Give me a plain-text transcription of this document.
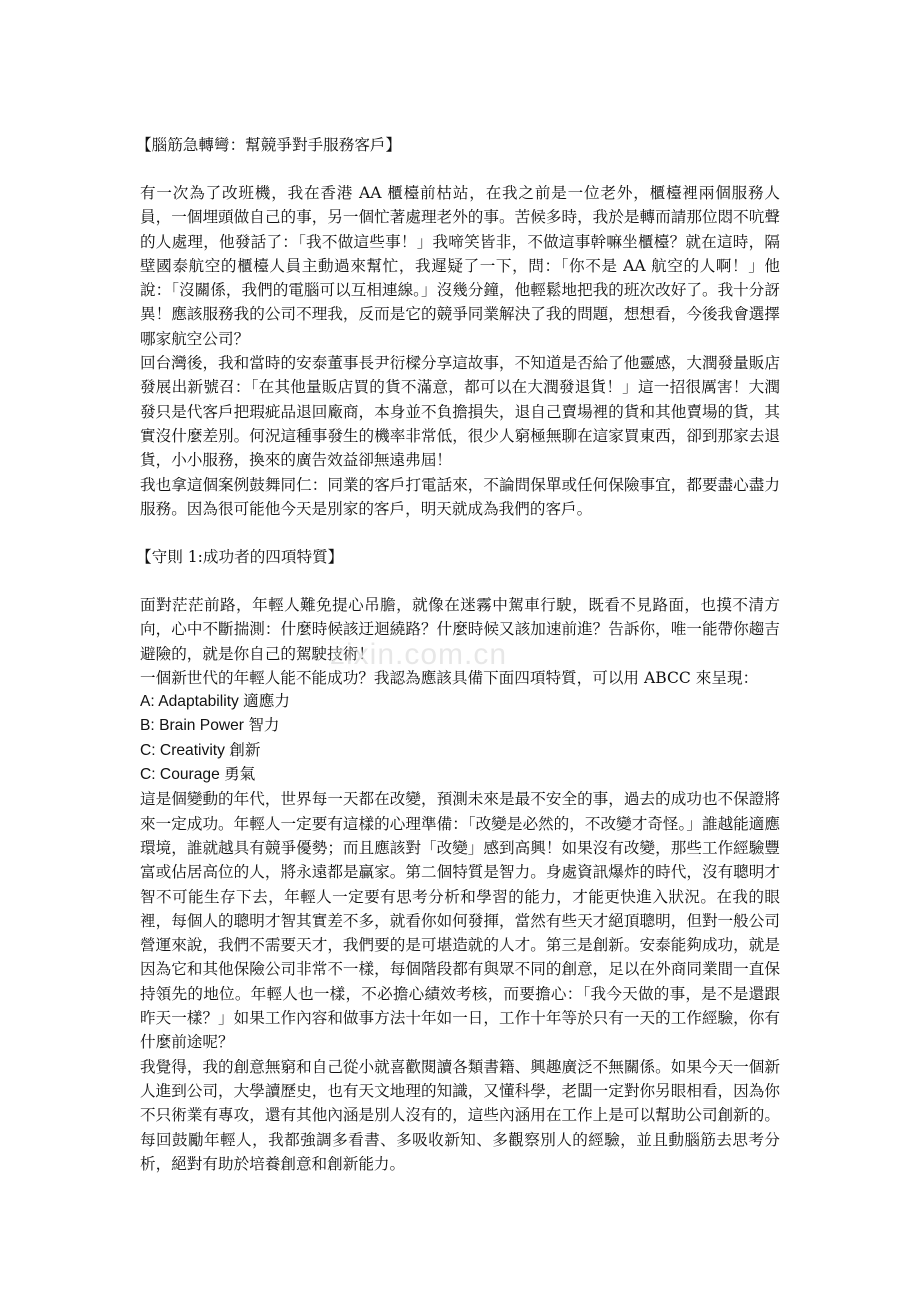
【腦筋急轉彎：幫競爭對手服務客戶】

有一次為了改班機，我在香港 AA 櫃檯前枯站，在我之前是一位老外，櫃檯裡兩個服務人員，一個埋頭做自己的事，另一個忙著處理老外的事。苦候多時，我於是轉而請那位悶不吭聲的人處理，他發話了：「我不做這些事！」我啼笑皆非，不做這事幹嘛坐櫃檯？就在這時，隔壁國泰航空的櫃檯人員主動過來幫忙，我遲疑了一下，問：「你不是 AA 航空的人啊！」他說：「沒關係，我們的電腦可以互相連線。」沒幾分鐘，他輕鬆地把我的班次改好了。我十分訝異！應該服務我的公司不理我，反而是它的競爭同業解決了我的問題，想想看，今後我會選擇哪家航空公司？

回台灣後，我和當時的安泰董事長尹衍樑分享這故事，不知道是否給了他靈感，大潤發量販店發展出新號召：「在其他量販店買的貨不滿意，都可以在大潤發退貨！」這一招很厲害！大潤發只是代客戶把瑕疵品退回廠商，本身並不負擔損失，退自己賣場裡的貨和其他賣場的貨，其實沒什麼差別。何況這種事發生的機率非常低，很少人窮極無聊在這家買東西，卻到那家去退貨，小小服務，換來的廣告效益卻無遠弗屆！

我也拿這個案例鼓舞同仁：同業的客戶打電話來，不論問保單或任何保險事宜，都要盡心盡力服務。因為很可能他今天是別家的客戶，明天就成為我們的客戶。

【守則 1:成功者的四項特質】

面對茫茫前路，年輕人難免提心吊膽，就像在迷霧中駕車行駛，既看不見路面，也摸不清方向，心中不斷揣測：什麼時候該迂迴繞路？什麼時候又該加速前進？告訴你，唯一能帶你趨吉避險的，就是你自己的駕駛技術！

一個新世代的年輕人能不能成功？我認為應該具備下面四項特質，可以用 ABCC 來呈現：

A: Adaptability 適應力

B: Brain Power 智力

C: Creativity 創新

C: Courage 勇氣

這是個變動的年代，世界每一天都在改變，預測未來是最不安全的事，過去的成功也不保證將來一定成功。年輕人一定要有這樣的心理準備：「改變是必然的，不改變才奇怪。」誰越能適應環境，誰就越具有競爭優勢；而且應該對「改變」感到高興！如果沒有改變，那些工作經驗豐富或佔居高位的人，將永遠都是贏家。第二個特質是智力。身處資訊爆炸的時代，沒有聰明才智不可能生存下去，年輕人一定要有思考分析和學習的能力，才能更快進入狀況。在我的眼裡，每個人的聰明才智其實差不多，就看你如何發揮，當然有些天才絕頂聰明，但對一般公司營運來說，我們不需要天才，我們要的是可堪造就的人才。第三是創新。安泰能夠成功，就是因為它和其他保險公司非常不一樣，每個階段都有與眾不同的創意，足以在外商同業間一直保持領先的地位。年輕人也一樣，不必擔心績效考核，而要擔心：「我今天做的事，是不是還跟昨天一樣？」如果工作內容和做事方法十年如一日，工作十年等於只有一天的工作經驗，你有什麼前途呢？

我覺得，我的創意無窮和自己從小就喜歡閱讀各類書籍、興趣廣泛不無關係。如果今天一個新人進到公司，大學讀歷史，也有天文地理的知識，又懂科學，老闆一定對你另眼相看，因為你不只術業有專攻，還有其他內涵是別人沒有的，這些內涵用在工作上是可以幫助公司創新的。每回鼓勵年輕人，我都強調多看書、多吸收新知、多觀察別人的經驗，並且動腦筋去思考分析，絕對有助於培養創意和創新能力。

zixin.com.cn
